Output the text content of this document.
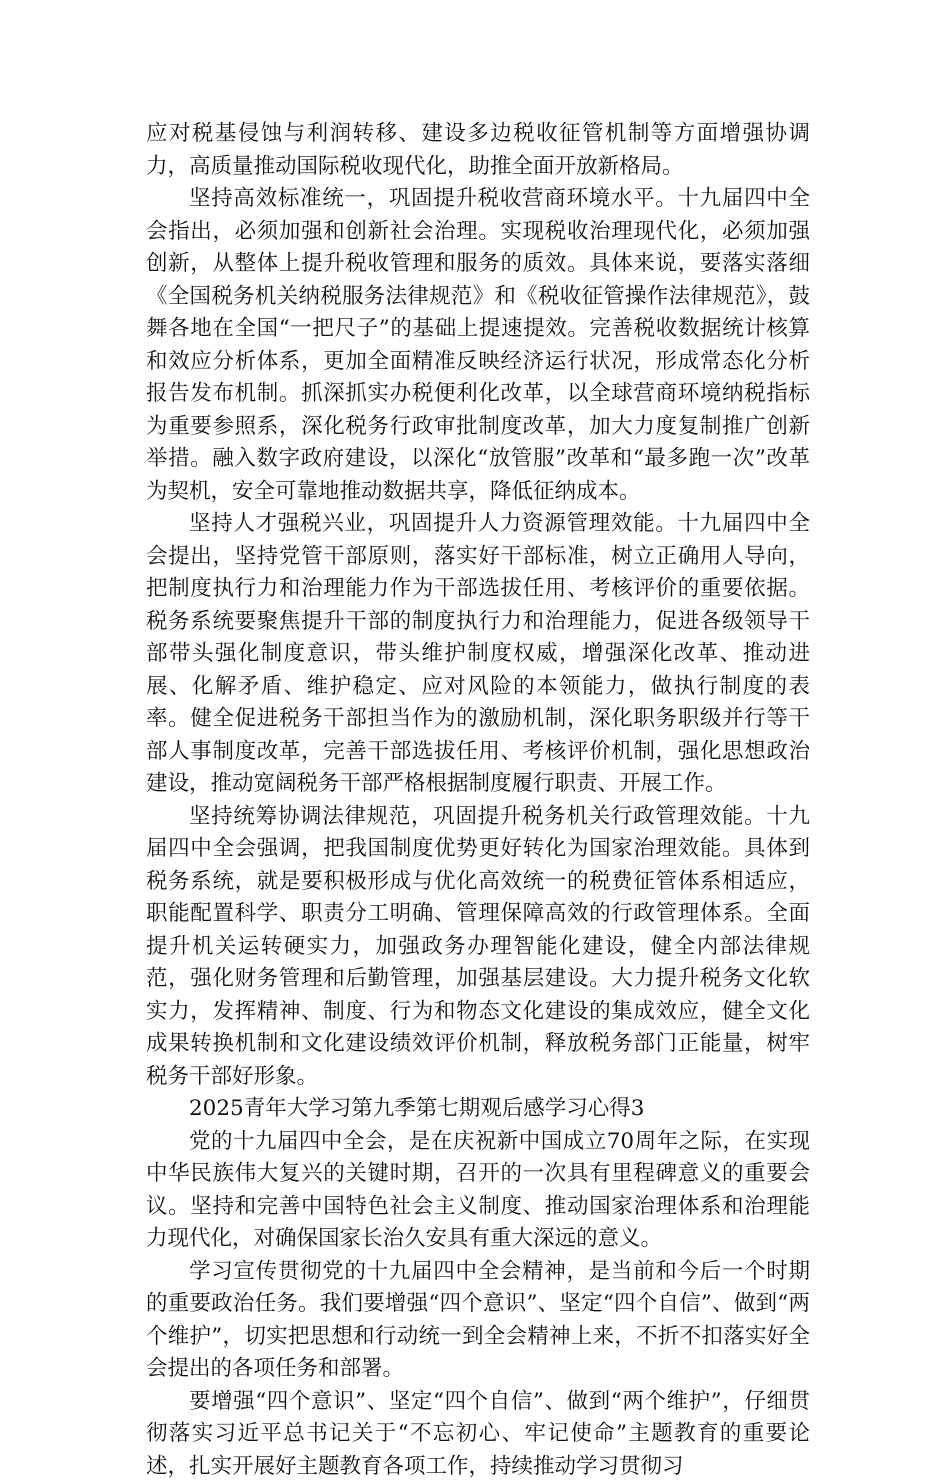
应对税基侵蚀与利润转移、建设多边税收征管机制等方面增强协调力，高质量推动国际税收现代化，助推全面开放新格局。

坚持高效标准统一，巩固提升税收营商环境水平。十九届四中全会指出，必须加强和创新社会治理。实现税收治理现代化，必须加强创新，从整体上提升税收管理和服务的质效。具体来说，要落实落细《全国税务机关纳税服务法律规范》和《税收征管操作法律规范》，鼓舞各地在全国“一把尺子”的基础上提速提效。完善税收数据统计核算和效应分析体系，更加全面精准反映经济运行状况，形成常态化分析报告发布机制。抓深抓实办税便利化改革，以全球营商环境纳税指标为重要参照系，深化税务行政审批制度改革，加大力度复制推广创新举措。融入数字政府建设，以深化“放管服”改革和“最多跑一次”改革为契机，安全可靠地推动数据共享，降低征纳成本。

坚持人才强税兴业，巩固提升人力资源管理效能。十九届四中全会提出，坚持党管干部原则，落实好干部标准，树立正确用人导向，把制度执行力和治理能力作为干部选拔任用、考核评价的重要依据。税务系统要聚焦提升干部的制度执行力和治理能力，促进各级领导干部带头强化制度意识，带头维护制度权威，增强深化改革、推动进展、化解矛盾、维护稳定、应对风险的本领能力，做执行制度的表率。健全促进税务干部担当作为的激励机制，深化职务职级并行等干部人事制度改革，完善干部选拔任用、考核评价机制，强化思想政治建设，推动宽阔税务干部严格根据制度履行职责、开展工作。

坚持统筹协调法律规范，巩固提升税务机关行政管理效能。十九届四中全会强调，把我国制度优势更好转化为国家治理效能。具体到税务系统，就是要积极形成与优化高效统一的税费征管体系相适应，职能配置科学、职责分工明确、管理保障高效的行政管理体系。全面提升机关运转硬实力，加强政务办理智能化建设，健全内部法律规范，强化财务管理和后勤管理，加强基层建设。大力提升税务文化软实力，发挥精神、制度、行为和物态文化建设的集成效应，健全文化成果转换机制和文化建设绩效评价机制，释放税务部门正能量，树牢税务干部好形象。

2025青年大学习第九季第七期观后感学习心得3

党的十九届四中全会，是在庆祝新中国成立70周年之际，在实现中华民族伟大复兴的关键时期，召开的一次具有里程碑意义的重要会议。坚持和完善中国特色社会主义制度、推动国家治理体系和治理能力现代化，对确保国家长治久安具有重大深远的意义。

学习宣传贯彻党的十九届四中全会精神，是当前和今后一个时期的重要政治任务。我们要增强“四个意识”、坚定“四个自信”、做到“两个维护”，切实把思想和行动统一到全会精神上来，不折不扣落实好全会提出的各项任务和部署。

要增强“四个意识”、坚定“四个自信”、做到“两个维护”，仔细贯彻落实习近平总书记关于“不忘初心、牢记使命”主题教育的重要论述，扎实开展好主题教育各项工作，持续推动学习贯彻习
